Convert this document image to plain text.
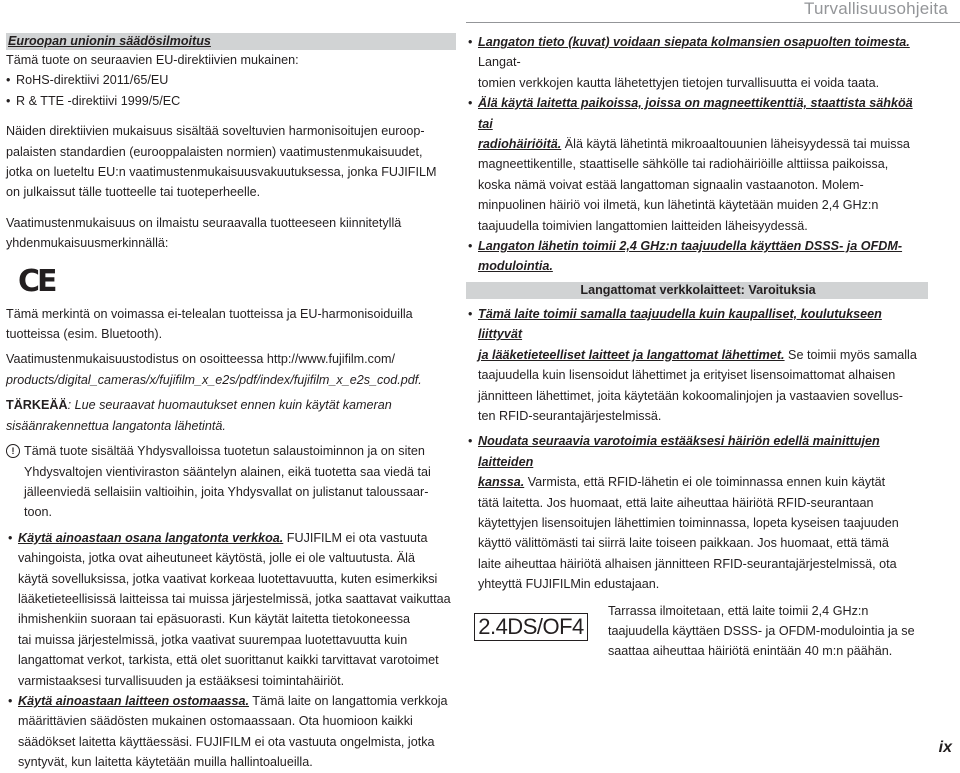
Turvallisuusohjeita
Euroopan unionin säädösilmoitus

Tämä tuote on seuraavien EU-direktiivien mukainen:

• RoHS-direktiivi 2011/65/EU
• R & TTE -direktiivi 1999/5/EC

Näiden direktiivien mukaisuus sisältää soveltuvien harmonisoitujen euroop-
palaisten standardien (eurooppalaisten normien) vaatimustenmukaisuudet,
jotka on lueteltu EU:n vaatimustenmukaisuusvakuutuksessa, jonka FUJIFILM
on julkaissut tälle tuotteelle tai tuoteperheelle.

Vaatimustenmukaisuus on ilmaistu seuraavalla tuotteeseen kiinnitetyllä
yhdenmukaisuusmerkinnällä:

CE

Tämä merkintä on voimassa ei-telealan tuotteissa ja EU-harmonisoiduilla
tuotteissa (esim. Bluetooth).

Vaatimustenmukaisuustodistus on osoitteessa http://www.fujifilm.com/
products/digital_cameras/x/fujifilm_x_e2s/pdf/index/fujifilm_x_e2s_cod.pdf.

TÄRKEÄÄ: Lue seuraavat huomautukset ennen kuin käytät kameran
sisäänrakennettua langatonta lähetintä.

! Tämä tuote sisältää Yhdysvalloissa tuotetun salaustoiminnon ja on siten
Yhdysvaltojen vientiviraston sääntelyn alainen, eikä tuotetta saa viedä tai
jälleenviedä sellaisiin valtioihin, joita Yhdysvallat on julistanut taloussaar-
toon.
• Käytä ainoastaan osana langatonta verkkoa. FUJIFILM ei ota vastuuta
vahingoista, jotka ovat aiheutuneet käytöstä, jolle ei ole valtuutusta. Älä
käytä sovelluksissa, jotka vaativat korkeaa luotettavuutta, kuten esimerkiksi
lääketieteellisissä laitteissa tai muissa järjestelmissä, jotka saattavat vaikuttaa
ihmishenkiin suoraan tai epäsuorasti. Kun käytät laitetta tietokoneessa
tai muissa järjestelmissä, jotka vaativat suurempaa luotettavuutta kuin
langattomat verkot, tarkista, että olet suorittanut kaikki tarvittavat varotoimet
varmistaaksesi turvallisuuden ja estääksesi toimintahäiriöt.
• Käytä ainoastaan laitteen ostomaassa. Tämä laite on langattomia verkkoja
määrittävien säädösten mukainen ostomaassaan. Ota huomioon kaikki
säädökset laitetta käyttäessäsi. FUJIFILM ei ota vastuuta ongelmista, jotka
syntyvät, kun laitetta käytetään muilla hallintoalueilla.
• Langaton tieto (kuvat) voidaan siepata kolmansien osapuolten toimesta. Langat-
tomien verkkojen kautta lähetettyjen tietojen turvallisuutta ei voida taata.
• Älä käytä laitetta paikoissa, joissa on magneettikenttiä, staattista sähköä tai
radiohäiriöitä. Älä käytä lähetintä mikroaaltouunien läheisyydessä tai muissa
magneettikentille, staattiselle sähkölle tai radiohäiriöille alttiissa paikoissa,
koska nämä voivat estää langattoman signaalin vastaanoton. Molem-
minpuolinen häiriö voi ilmetä, kun lähetintä käytetään muiden 2,4 GHz:n
taajuudella toimivien langattomien laitteiden läheisyydessä.
• Langaton lähetin toimii 2,4 GHz:n taajuudella käyttäen DSSS- ja OFDM-modulointia.
Langattomat verkkolaitteet: Varoituksia
• Tämä laite toimii samalla taajuudella kuin kaupalliset, koulutukseen liittyvät
ja lääketieteelliset laitteet ja langattomat lähettimet. Se toimii myös samalla
taajuudella kuin lisensoidut lähettimet ja erityiset lisensoimattomat alhaisen
jännitteen lähettimet, joita käytetään kokoomalinjojen ja vastaavien sovellus-
ten RFID-seurantajärjestelmissä.
• Noudata seuraavia varotoimia estääksesi häiriön edellä mainittujen laitteiden
kanssa. Varmista, että RFID-lähetin ei ole toiminnassa ennen kuin käytät
tätä laitetta. Jos huomaat, että laite aiheuttaa häiriötä RFID-seurantaan
käytettyjen lisensoitujen lähettimien toiminnassa, lopeta kyseisen taajuuden
käyttö välittömästi tai siirrä laite toiseen paikkaan. Jos huomaat, että tämä
laite aiheuttaa häiriötä alhaisen jännitteen RFID-seurantajärjestelmissä, ota
yhteyttä FUJIFILMin edustajaan.
2.4DS/OF4
Tarrassa ilmoitetaan, että laite toimii 2,4 GHz:n
taajuudella käyttäen DSSS- ja OFDM-modulointia ja se
saattaa aiheuttaa häiriötä enintään 40 m:n päähän.
ix
